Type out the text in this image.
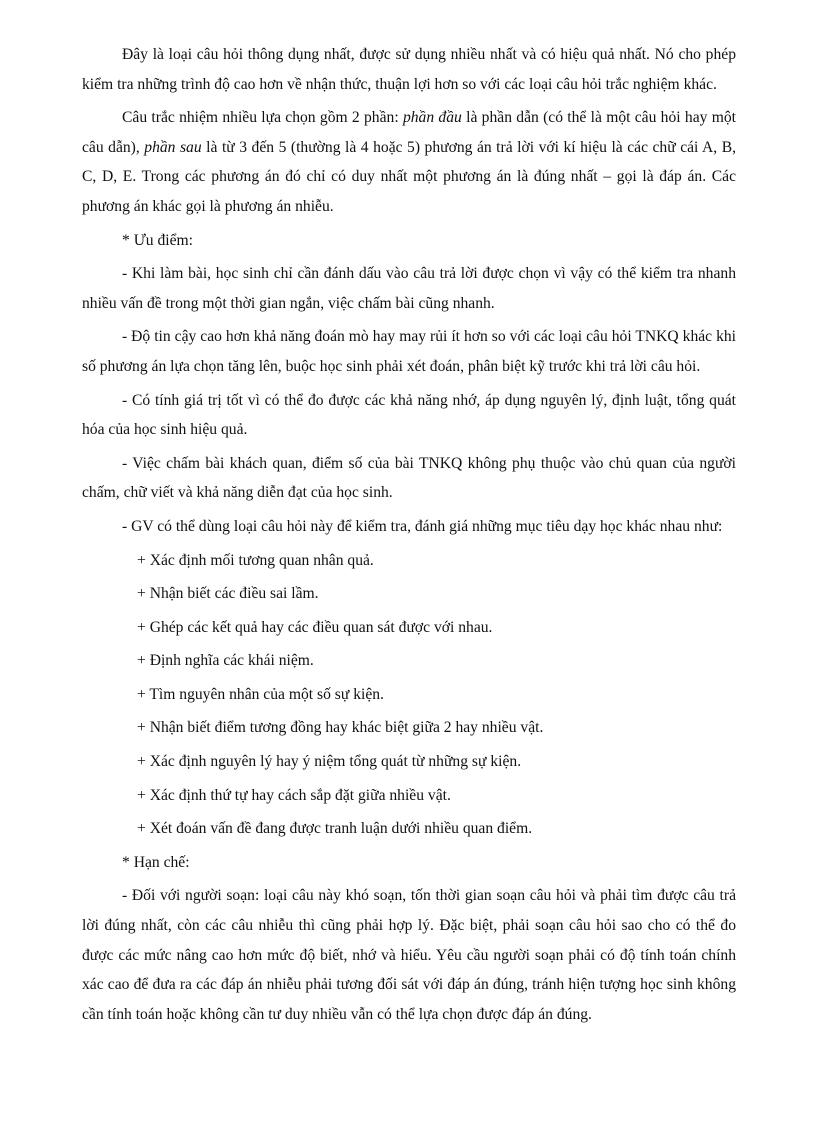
Đây là loại câu hỏi thông dụng nhất, được sử dụng nhiều nhất và có hiệu quả nhất. Nó cho phép kiểm tra những trình độ cao hơn về nhận thức, thuận lợi hơn so với các loại câu hỏi trắc nghiệm khác.

Câu trắc nhiệm nhiều lựa chọn gồm 2 phần: phần đầu là phần dẫn (có thể là một câu hỏi hay một câu dẫn), phần sau là từ 3 đến 5 (thường là 4 hoặc 5) phương án trả lời với kí hiệu là các chữ cái A, B, C, D, E. Trong các phương án đó chỉ có duy nhất một phương án là đúng nhất – gọi là đáp án. Các phương án khác gọi là phương án nhiễu.

* Ưu điểm:

- Khi làm bài, học sinh chỉ cần đánh dấu vào câu trả lời được chọn vì vậy có thể kiểm tra nhanh nhiều vấn đề trong một thời gian ngắn, việc chấm bài cũng nhanh.

- Độ tin cậy cao hơn khả năng đoán mò hay may rủi ít hơn so với các loại câu hỏi TNKQ khác khi số phương án lựa chọn tăng lên, buộc học sinh phải xét đoán, phân biệt kỹ trước khi trả lời câu hỏi.

- Có tính giá trị tốt vì có thể đo được các khả năng nhớ, áp dụng nguyên lý, định luật, tổng quát hóa của học sinh hiệu quả.

- Việc chấm bài khách quan, điểm số của bài TNKQ không phụ thuộc vào chủ quan của người chấm, chữ viết và khả năng diễn đạt của học sinh.

- GV có thể dùng loại câu hỏi này để kiểm tra, đánh giá những mục tiêu dạy học khác nhau như:

+ Xác định mối tương quan nhân quả.

+ Nhận biết các điều sai lầm.

+ Ghép các kết quả hay các điều quan sát được với nhau.

+ Định nghĩa các khái niệm.

+ Tìm nguyên nhân của một số sự kiện.

+ Nhận biết điểm tương đồng hay khác biệt giữa 2 hay nhiều vật.

+ Xác định nguyên lý hay ý niệm tổng quát từ những sự kiện.

+ Xác định thứ tự hay cách sắp đặt giữa nhiều vật.

+ Xét đoán vấn đề đang được tranh luận dưới nhiều quan điểm.

* Hạn chế:

- Đối với người soạn: loại câu này khó soạn, tốn thời gian soạn câu hỏi và phải tìm được câu trả lời đúng nhất, còn các câu nhiễu thì cũng phải hợp lý. Đặc biệt, phải soạn câu hỏi sao cho có thể đo được các mức nâng cao hơn mức độ biết, nhớ và hiểu. Yêu cầu người soạn phải có độ tính toán chính xác cao để đưa ra các đáp án nhiễu phải tương đối sát với đáp án đúng, tránh hiện tượng học sinh không cần tính toán hoặc không cần tư duy nhiều vẫn có thể lựa chọn được đáp án đúng.
